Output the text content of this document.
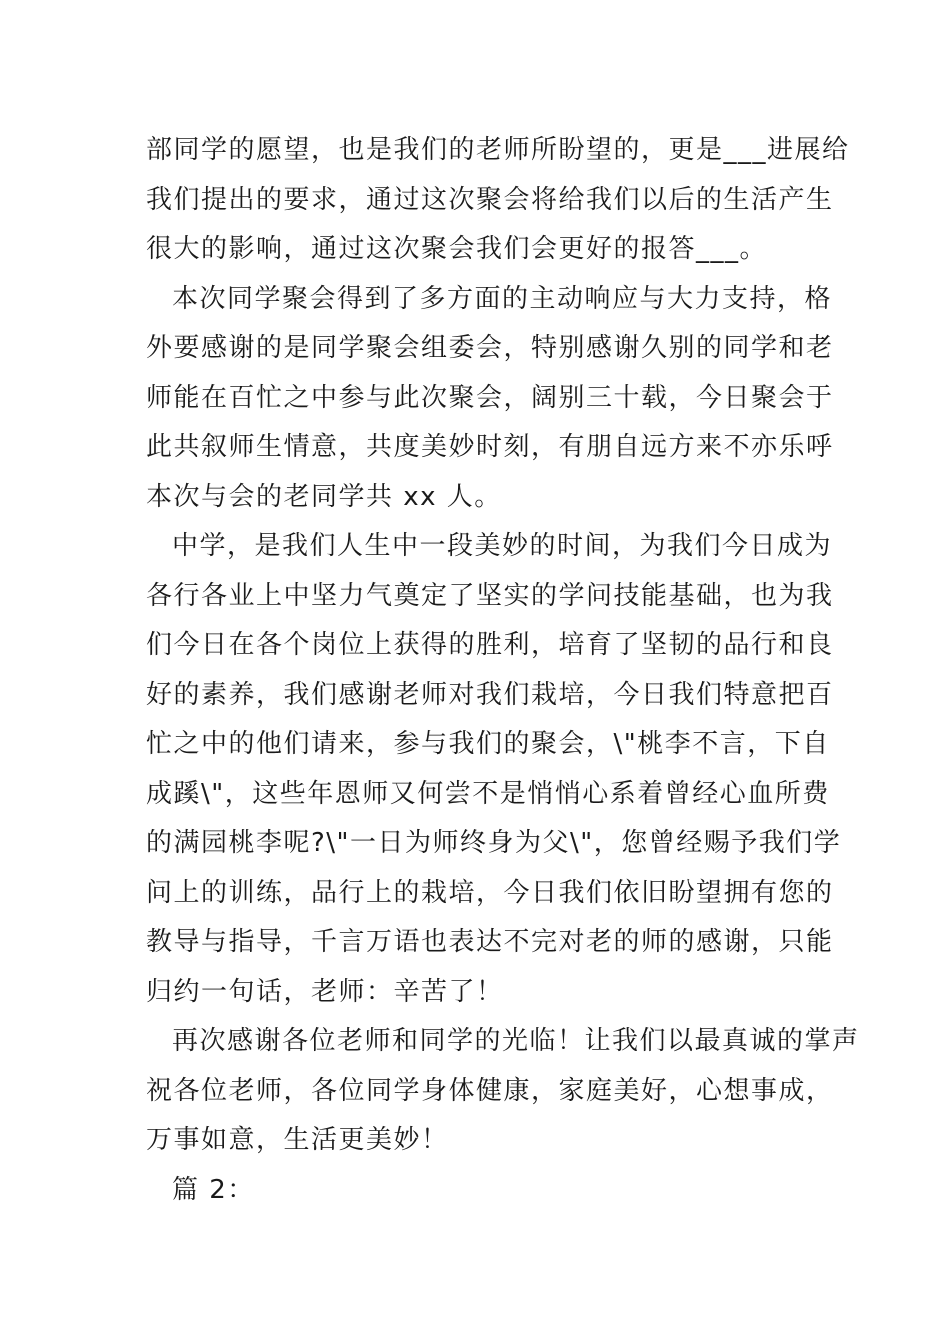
部同学的愿望，也是我们的老师所盼望的，更是___进展给
我们提出的要求，通过这次聚会将给我们以后的生活产生
很大的影响，通过这次聚会我们会更好的报答___。
本次同学聚会得到了多方面的主动响应与大力支持，格
外要感谢的是同学聚会组委会，特别感谢久别的同学和老
师能在百忙之中参与此次聚会，阔别三十载，今日聚会于
此共叙师生情意，共度美妙时刻，有朋自远方来不亦乐呼
本次与会的老同学共 xx 人。
中学，是我们人生中一段美妙的时间，为我们今日成为
各行各业上中坚力气奠定了坚实的学问技能基础，也为我
们今日在各个岗位上获得的胜利，培育了坚韧的品行和良
好的素养，我们感谢老师对我们栽培，今日我们特意把百
忙之中的他们请来，参与我们的聚会，\"桃李不言，下自
成蹊\"，这些年恩师又何尝不是悄悄心系着曾经心血所费
的满园桃李呢?\"一日为师终身为父\"，您曾经赐予我们学
问上的训练，品行上的栽培，今日我们依旧盼望拥有您的
教导与指导，千言万语也表达不完对老的师的感谢，只能
归约一句话，老师：辛苦了！
再次感谢各位老师和同学的光临！让我们以最真诚的掌声
祝各位老师，各位同学身体健康，家庭美好，心想事成，
万事如意，生活更美妙！
篇 2：
